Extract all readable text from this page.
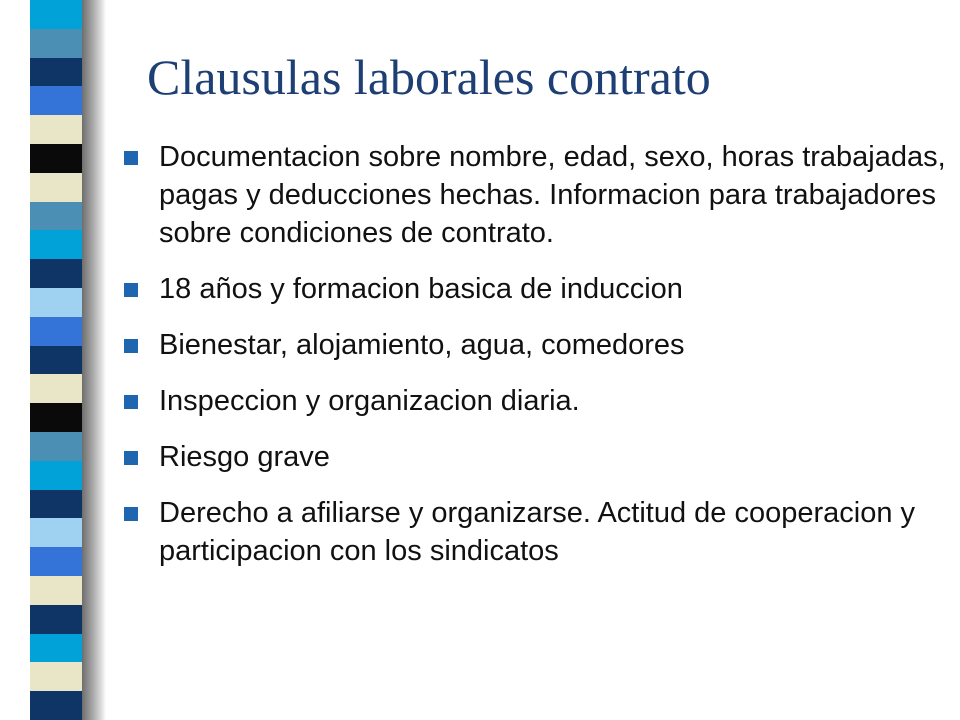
Clausulas laborales contrato
Documentacion sobre nombre, edad, sexo, horas trabajadas, pagas y deducciones hechas. Informacion para trabajadores sobre condiciones de contrato.
18 años y formacion basica de induccion
Bienestar, alojamiento, agua, comedores
Inspeccion y organizacion diaria.
Riesgo grave
Derecho a afiliarse y organizarse. Actitud de cooperacion y participacion con los sindicatos
